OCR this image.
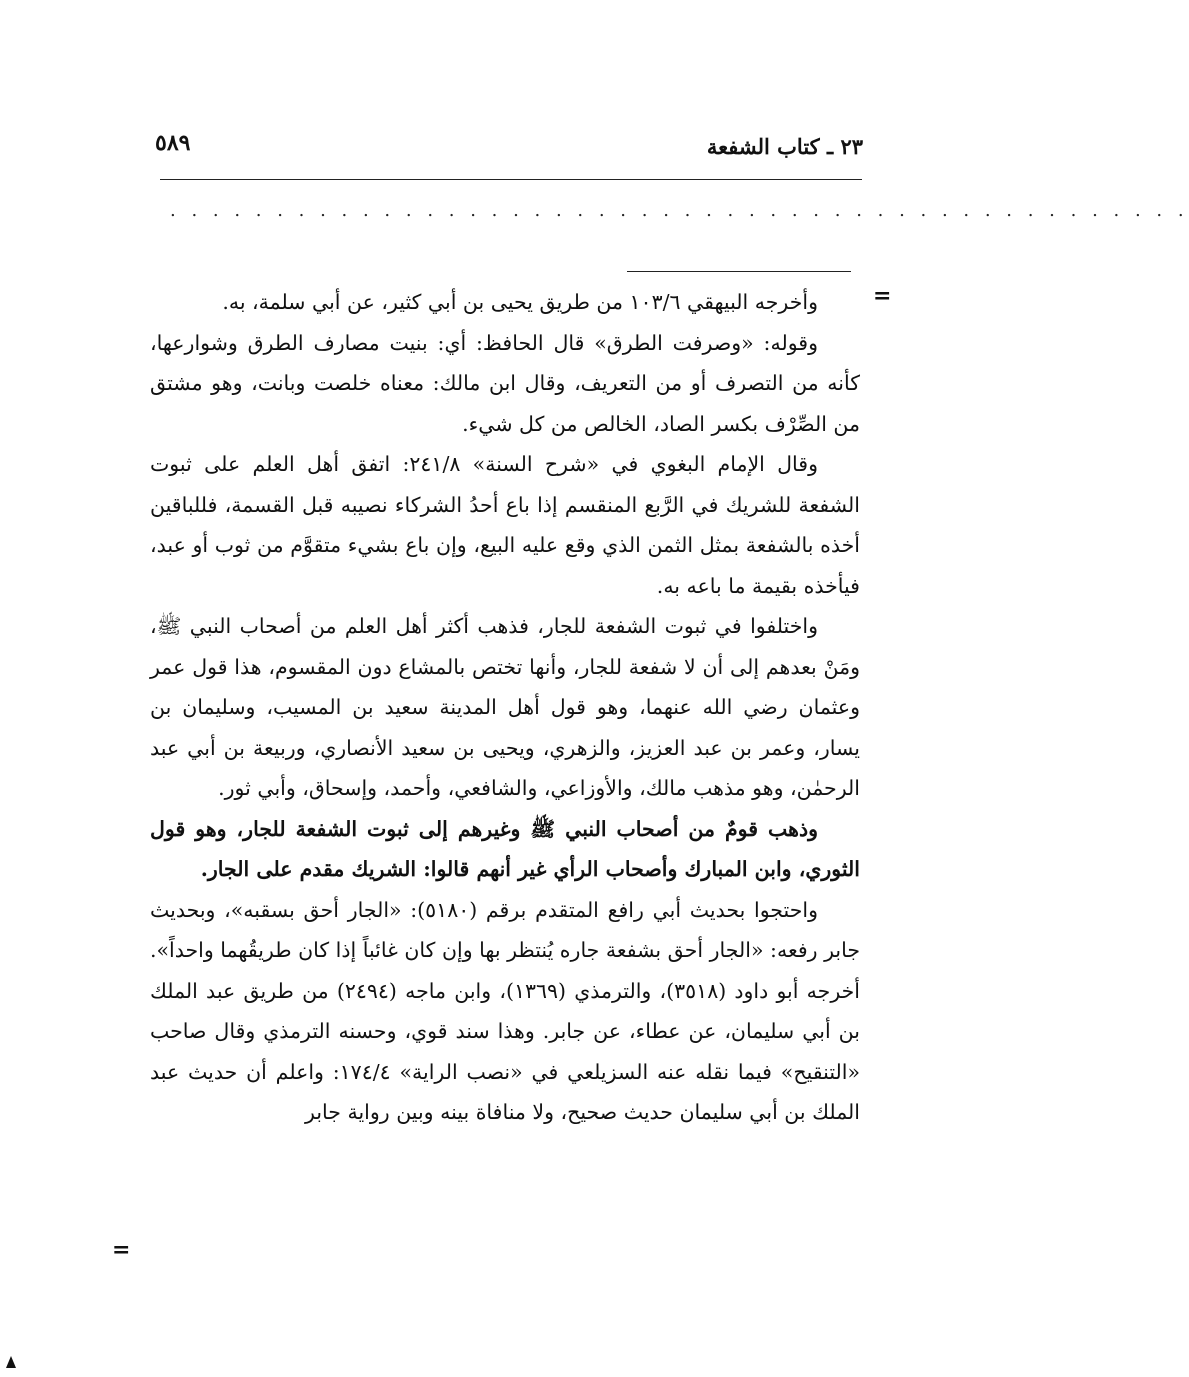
٢٣ ـ كتاب الشفعة
٥٨٩
. . . . . . . . . . . . . . . . . . . . . . . . . . . . . . . . . . . . . . . . . . . . . . . .
=

وأخرجه البيهقي ١٠٣/٦ من طريق يحيى بن أبي كثير، عن أبي سلمة، به.

وقوله: «وصرفت الطرق» قال الحافظ: أي: بنيت مصارف الطرق وشوارعها، كأنه من التصرف أو من التعريف، وقال ابن مالك: معناه خلصت وبانت، وهو مشتق من الصِّرْف بكسر الصاد، الخالص من كل شيء.

وقال الإمام البغوي في «شرح السنة» ٢٤١/٨: اتفق أهل العلم على ثبوت الشفعة للشريك في الرَّبع المنقسم إذا باع أحدُ الشركاء نصيبه قبل القسمة، فللباقين أخذه بالشفعة بمثل الثمن الذي وقع عليه البيع، وإن باع بشيء متقوَّم من ثوب أو عبد، فيأخذه بقيمة ما باعه به.

واختلفوا في ثبوت الشفعة للجار، فذهب أكثر أهل العلم من أصحاب النبي ﷺ، ومَنْ بعدهم إلى أن لا شفعة للجار، وأنها تختص بالمشاع دون المقسوم، هذا قول عمر وعثمان رضي الله عنهما، وهو قول أهل المدينة سعيد بن المسيب، وسليمان بن يسار، وعمر بن عبد العزيز، والزهري، ويحيى بن سعيد الأنصاري، وربيعة بن أبي عبد الرحمٰن، وهو مذهب مالك، والأوزاعي، والشافعي، وأحمد، وإسحاق، وأبي ثور.

وذهب قومٌ من أصحاب النبي ﷺ وغيرهم إلى ثبوت الشفعة للجار، وهو قول الثوري، وابن المبارك وأصحاب الرأي غير أنهم قالوا: الشريك مقدم على الجار.

واحتجوا بحديث أبي رافع المتقدم برقم (٥١٨٠): «الجار أحق بسقبه»، وبحديث جابر رفعه: «الجار أحق بشفعة جاره يُنتظر بها وإن كان غائباً إذا كان طريقُهما واحداً». أخرجه أبو داود (٣٥١٨)، والترمذي (١٣٦٩)، وابن ماجه (٢٤٩٤) من طريق عبد الملك بن أبي سليمان، عن عطاء، عن جابر. وهذا سند قوي، وحسنه الترمذي وقال صاحب «التنقيح» فيما نقله عنه السزيلعي في «نصب الراية» ١٧٤/٤: واعلم أن حديث عبد الملك بن أبي سليمان حديث صحيح، ولا منافاة بينه وبين رواية جابر

=
